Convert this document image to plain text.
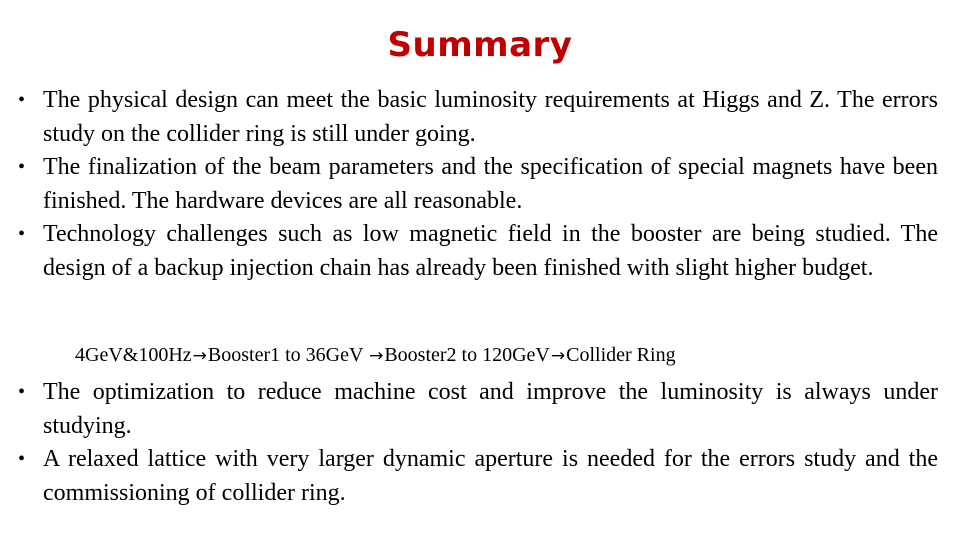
Summary
• The physical design can meet the basic luminosity requirements at Higgs and Z. The errors study on the collider ring is still under going.
• The finalization of the beam parameters and the specification of special magnets have been finished. The hardware devices are all reasonable.
• Technology challenges such as low magnetic field in the booster are being studied. The design of a backup injection chain has already been finished with slight higher budget.
4GeV&100Hz→Booster1 to 36GeV →Booster2 to 120GeV→Collider Ring
• The optimization to reduce machine cost and improve the luminosity is always under studying.
• A relaxed lattice with very larger dynamic aperture is needed for the errors study and the commissioning of collider ring.
